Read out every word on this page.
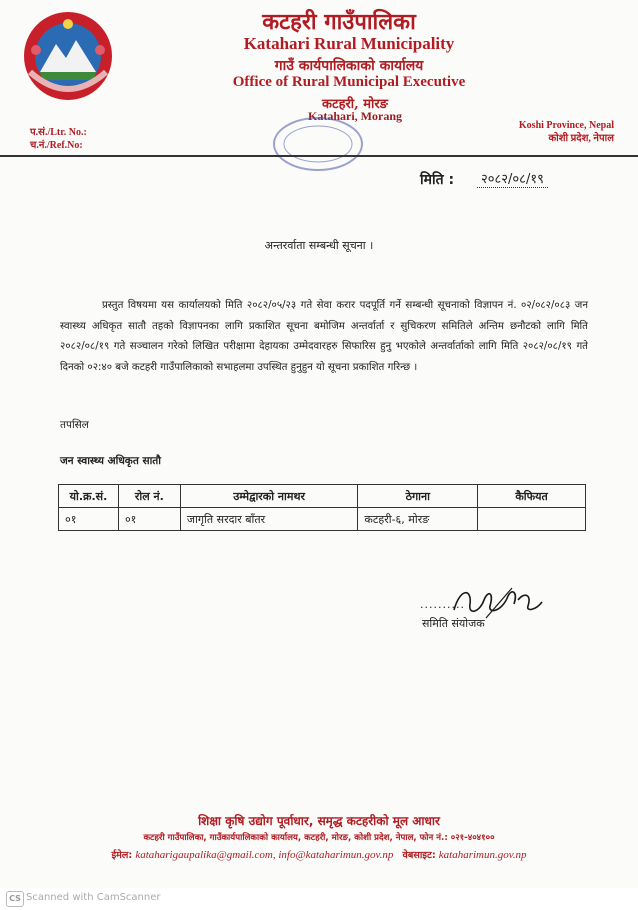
कटहरी गाउँपालिका
Katahari Rural Municipality
गाउँ कार्यपालिकाको कार्यालय
Office of Rural Municipal Executive
कटहरी, मोरङ
Katahari, Morang
प.सं./Ltr. No.:
च.नं./Ref.No:
Koshi Province, Nepal
कोशी प्रदेश, नेपाल
मिति :	२०८२/०८/१९
अन्तरर्वाता सम्बन्धी सूचना ।
प्रस्तुत विषयमा यस कार्यालयको मिति २०८२/०५/२३ गते सेवा करार पदपूर्ति गर्ने सम्बन्धी सूचनाको विज्ञापन नं. ०२/०८२/०८३ जन स्वास्थ्य अधिकृत सातौ तहको विज्ञापनका लागि प्रकाशित सूचना बमोजिम अन्तर्वार्ता र सुचिकरण समितिले अन्तिम छनौटको लागि मिति २०८२/०८/१९ गते सञ्चालन गरेको लिखित परीक्षामा देहायका उम्मेदवारहरु सिफारिस हुनु भएकोले अन्तर्वार्ताको लागि मिति २०८२/०८/१९ गते दिनको ०२:४० बजे कटहरी गाउँपालिकाको सभाहलमा उपस्थित हुनुहुन यो सूचना प्रकाशित गरिन्छ ।
तपसिल
जन स्वास्थ्य अधिकृत सातौ
यो.क्र.सं.	रोल नं.	उम्मेद्वारको नामथर	ठेगाना	कैफियत
०१	०१	जागृति सरदार बाँतर	कटहरी-६, मोरङ	
..........
समिति संयोजक
शिक्षा कृषि उद्योग पूर्वाधार, समृद्ध कटहरीको मूल आधार
कटहरी गाउँपालिका, गाउँकार्यपालिकाको कार्यालय, कटहरी, मोरङ, कोशी प्रदेश, नेपाल, फोन नं.: ०२१-४०४१००
ईमेल: kataharigaupalika@gmail.com, info@kataharimun.gov.np वेबसाइट: kataharimun.gov.np
CS Scanned with CamScanner
